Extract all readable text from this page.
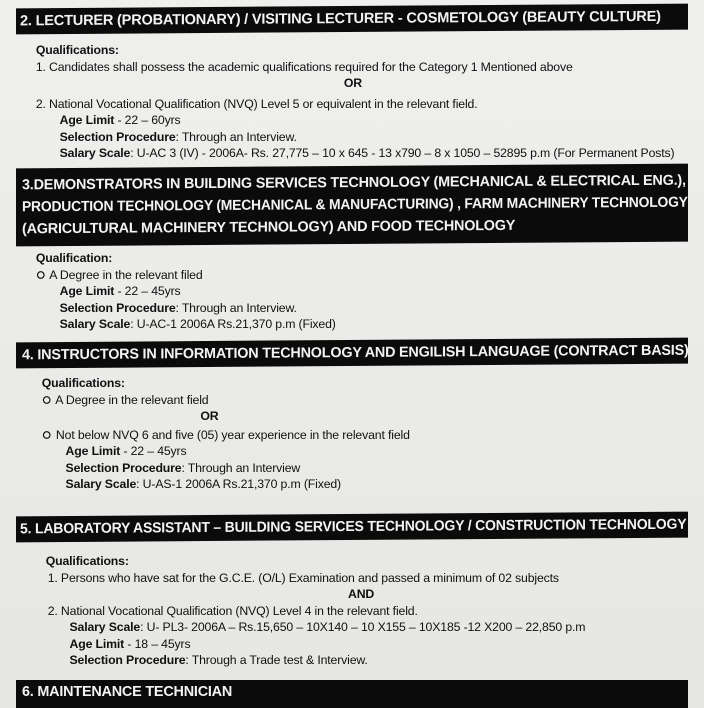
2. LECTURER (PROBATIONARY) / VISITING LECTURER - COSMETOLOGY (BEAUTY CULTURE)
Qualifications:
1. Candidates shall possess the academic qualifications required for the Category 1 Mentioned above
OR
2. National Vocational Qualification (NVQ) Level 5 or equivalent in the relevant field.
Age Limit - 22 – 60yrs
Selection Procedure: Through an Interview.
Salary Scale: U-AC 3 (IV) - 2006A- Rs. 27,775 – 10 x 645 - 13 x790 – 8 x 1050 – 52895 p.m (For Permanent Posts)
3.DEMONSTRATORS IN BUILDING SERVICES TECHNOLOGY (MECHANICAL & ELECTRICAL ENG.),
PRODUCTION TECHNOLOGY (MECHANICAL & MANUFACTURING) , FARM MACHINERY TECHNOLOGY
(AGRICULTURAL MACHINERY TECHNOLOGY) AND FOOD TECHNOLOGY
Qualification:
A Degree in the relevant filed
Age Limit - 22 – 45yrs
Selection Procedure: Through an Interview.
Salary Scale: U-AC-1 2006A Rs.21,370 p.m (Fixed)
4. INSTRUCTORS IN INFORMATION TECHNOLOGY AND ENGILISH LANGUAGE (CONTRACT BASIS)
Qualifications:
A Degree in the relevant field
OR
Not below NVQ 6 and five (05) year experience in the relevant field
Age Limit - 22 – 45yrs
Selection Procedure: Through an Interview
Salary Scale: U-AS-1 2006A Rs.21,370 p.m (Fixed)
5. LABORATORY ASSISTANT – BUILDING SERVICES TECHNOLOGY / CONSTRUCTION TECHNOLOGY
Qualifications:
1. Persons who have sat for the G.C.E. (O/L) Examination and passed a minimum of 02 subjects
AND
2. National Vocational Qualification (NVQ) Level 4 in the relevant field.
Salary Scale: U- PL3- 2006A – Rs.15,650 – 10X140 – 10 X155 – 10X185 -12 X200 – 22,850 p.m
Age Limit - 18 – 45yrs
Selection Procedure: Through a Trade test & Interview.
6. MAINTENANCE TECHNICIAN
